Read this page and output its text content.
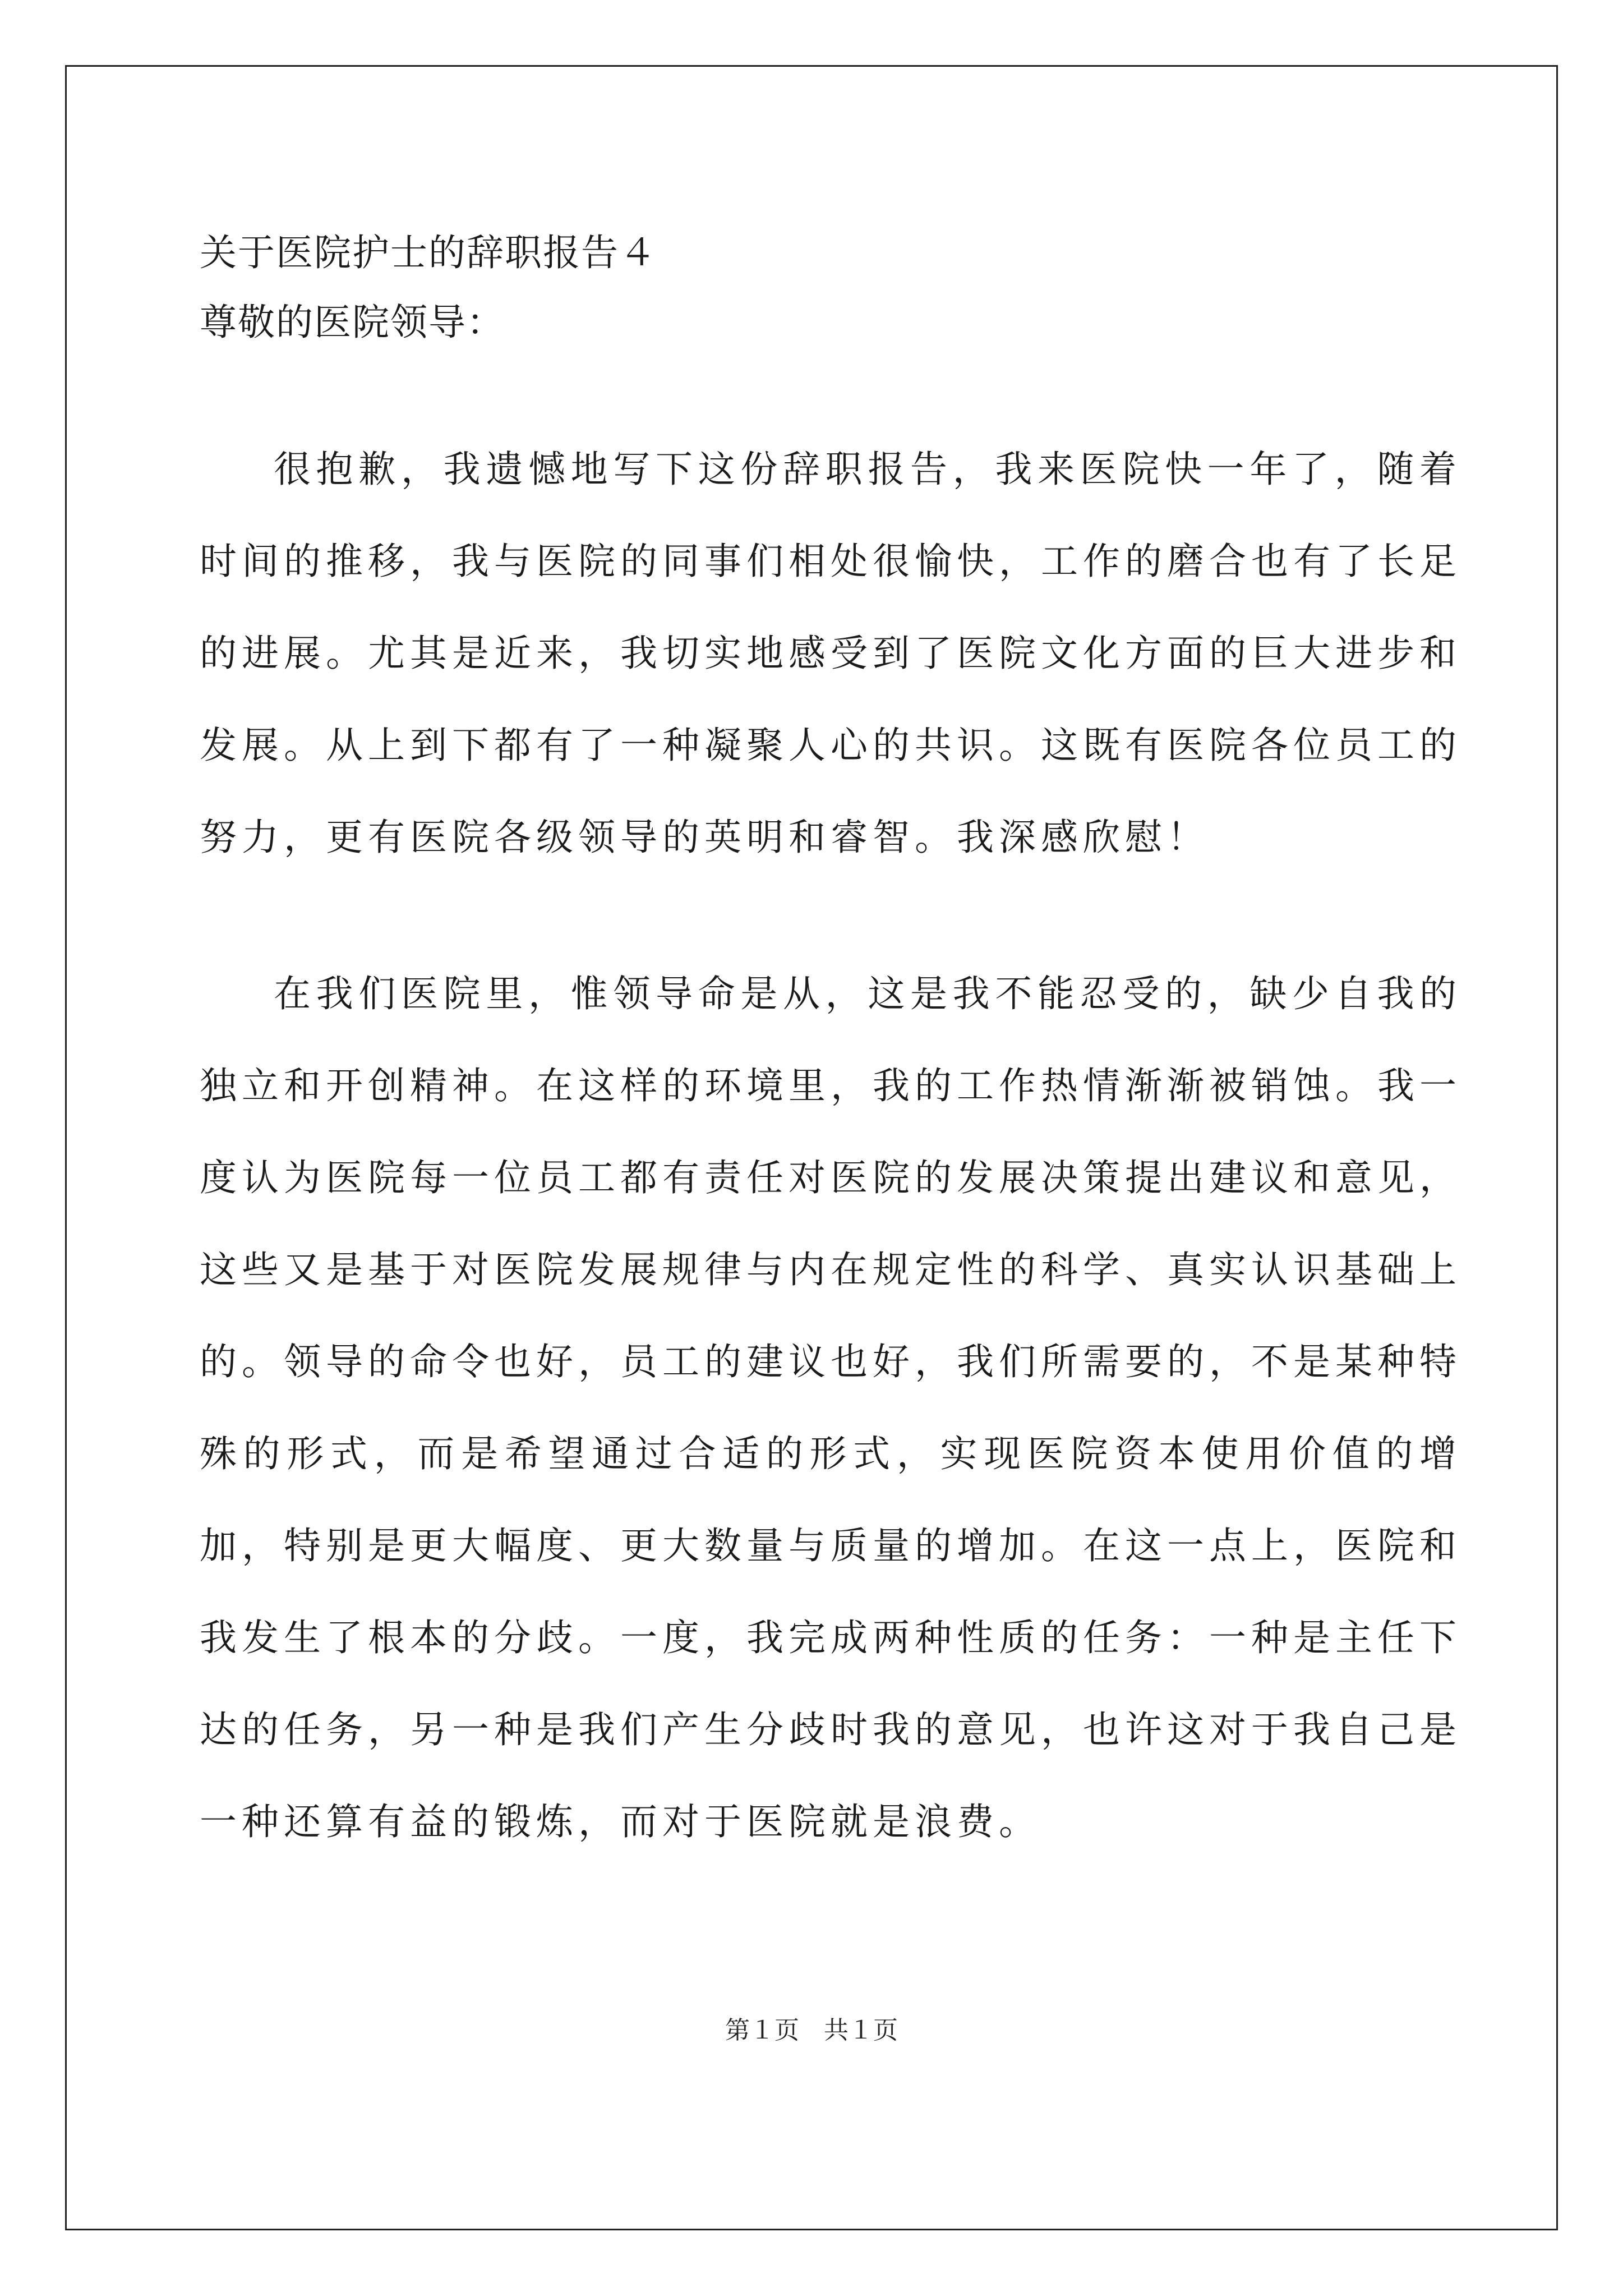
关于医院护士的辞职报告４

尊敬的医院领导：

很抱歉，我遗憾地写下这份辞职报告，我来医院快一年了，随着时间的推移，我与医院的同事们相处很愉快，工作的磨合也有了长足的进展。尤其是近来，我切实地感受到了医院文化方面的巨大进步和发展。从上到下都有了一种凝聚人心的共识。这既有医院各位员工的努力，更有医院各级领导的英明和睿智。我深感欣慰！

在我们医院里，惟领导命是从，这是我不能忍受的，缺少自我的独立和开创精神。在这样的环境里，我的工作热情渐渐被销蚀。我一度认为医院每一位员工都有责任对医院的发展决策提出建议和意见，这些又是基于对医院发展规律与内在规定性的科学、真实认识基础上的。领导的命令也好，员工的建议也好，我们所需要的，不是某种特殊的形式，而是希望通过合适的形式，实现医院资本使用价值的增加，特别是更大幅度、更大数量与质量的增加。在这一点上，医院和我发生了根本的分歧。一度，我完成两种性质的任务：一种是主任下达的任务，另一种是我们产生分歧时我的意见，也许这对于我自己是一种还算有益的锻炼，而对于医院就是浪费。

第１页　共１页
